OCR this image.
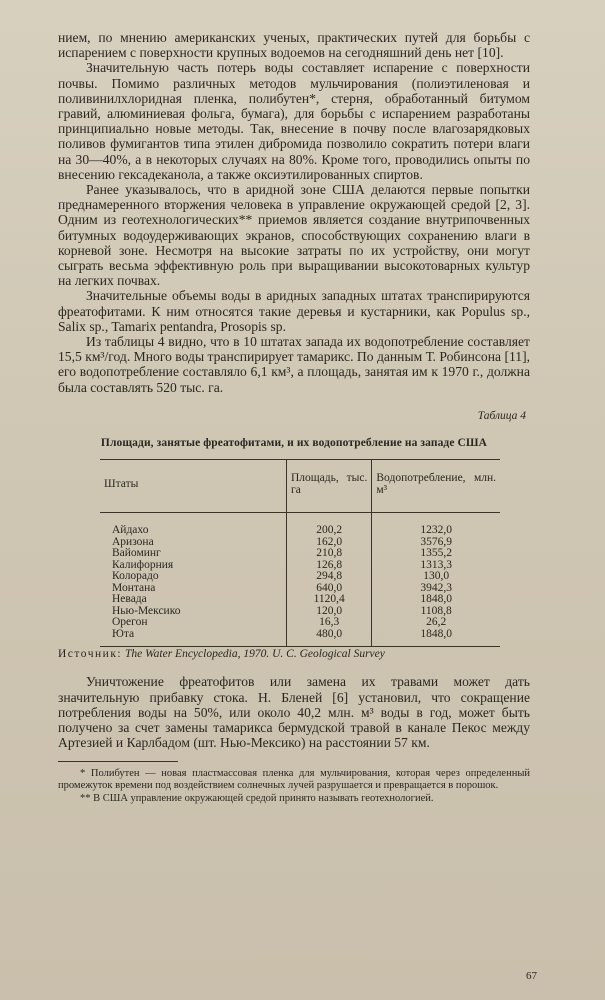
нием, по мнению американских ученых, практических путей для борьбы с испарением с поверхности крупных водоемов на сегодняшний день нет [10].

Значительную часть потерь воды составляет испарение с поверхности почвы. Помимо различных методов мульчирования (полиэтиленовая и поливинилхлоридная пленка, полибутен*, стерня, обработанный битумом гравий, алюминиевая фольга, бумага), для борьбы с испарением разработаны принципиально новые методы. Так, внесение в почву после влагозарядковых поливов фумигантов типа этилен дибромида позволило сократить потери влаги на 30—40%, а в некоторых случаях на 80%. Кроме того, проводились опыты по внесению гексадеканола, а также оксиэтилированных спиртов.

Ранее указывалось, что в аридной зоне США делаются первые попытки преднамеренного вторжения человека в управление окружающей средой [2, 3]. Одним из геотехнологических** приемов является создание внутрипочвенных битумных водоудерживающих экранов, способствующих сохранению влаги в корневой зоне. Несмотря на высокие затраты по их устройству, они могут сыграть весьма эффективную роль при выращивании высокотоварных культур на легких почвах.

Значительные объемы воды в аридных западных штатах транспирируются фреатофитами. К ним относятся такие деревья и кустарники, как Populus sp., Salix sp., Tamarix pentandra, Prosopis sp.

Из таблицы 4 видно, что в 10 штатах запада их водопотребление составляет 15,5 км³/год. Много воды транспирирует тамарикс. По данным Т. Робинсона [11], его водопотребление составляло 6,1 км³, а площадь, занятая им к 1970 г., должна была составлять 520 тыс. га.

Таблица 4
Площади, занятые фреатофитами, и их водопотребление на западе США
Штаты	Площадь, тыс. га	Водопотребление, млн. м³
Айдахо	200,2	1232,0
Аризона	162,0	3576,9
Вайоминг	210,8	1355,2
Калифорния	126,8	1313,3
Колорадо	294,8	130,0
Монтана	640,0	3942,3
Невада	1120,4	1848,0
Нью-Мексико	120,0	1108,8
Орегон	16,3	26,2
Юта	480,0	1848,0

Источник: The Water Encyclopedia, 1970. U. C. Geological Survey

Уничтожение фреатофитов или замена их травами может дать значительную прибавку стока. Н. Бленей [6] установил, что сокращение потребления воды на 50%, или около 40,2 млн. м³ воды в год, может быть получено за счет замены тамарикса бермудской травой в канале Пекос между Артезией и Карлбадом (шт. Нью-Мексико) на расстоянии 57 км.

* Полибутен — новая пластмассовая пленка для мульчирования, которая через определенный промежуток времени под воздействием солнечных лучей разрушается и превращается в порошок.

** В США управление окружающей средой принято называть геотехнологией.

67
